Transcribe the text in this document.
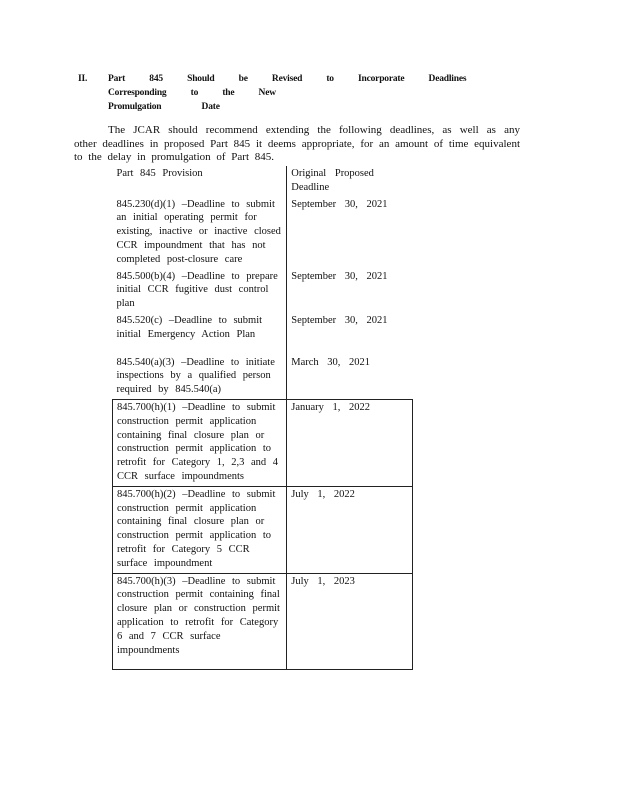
II. Part 845 Should be Revised to Incorporate Deadlines Corresponding to the New
Promulgation Date

The JCAR should recommend extending the following deadlines, as well as any other deadlines in proposed Part 845 it deems appropriate, for an amount of time equivalent to the delay in promulgation of Part 845.

Part 845 Provision	Original Proposed Deadline
845.230(d)(1) –Deadline to submit an initial operating permit for existing, inactive or inactive closed CCR impoundment that has not completed post-closure care	September 30, 2021
845.500(b)(4) –Deadline to prepare initial CCR fugitive dust control plan	September 30, 2021
845.520(c) –Deadline to submit initial Emergency Action Plan	September 30, 2021

845.540(a)(3) –Deadline to initiate inspections by a qualified person required by 845.540(a)	March 30, 2021
845.700(h)(1) –Deadline to submit construction permit application containing final closure plan or construction permit application to retrofit for Category 1, 2,3 and 4 CCR surface impoundments	January 1, 2022
845.700(h)(2) –Deadline to submit construction permit application containing final closure plan or construction permit application to retrofit for Category 5 CCR surface impoundment	July 1, 2022
845.700(h)(3) –Deadline to submit construction permit containing final closure plan or construction permit application to retrofit for Category 6 and 7 CCR surface impoundments	July 1, 2023
